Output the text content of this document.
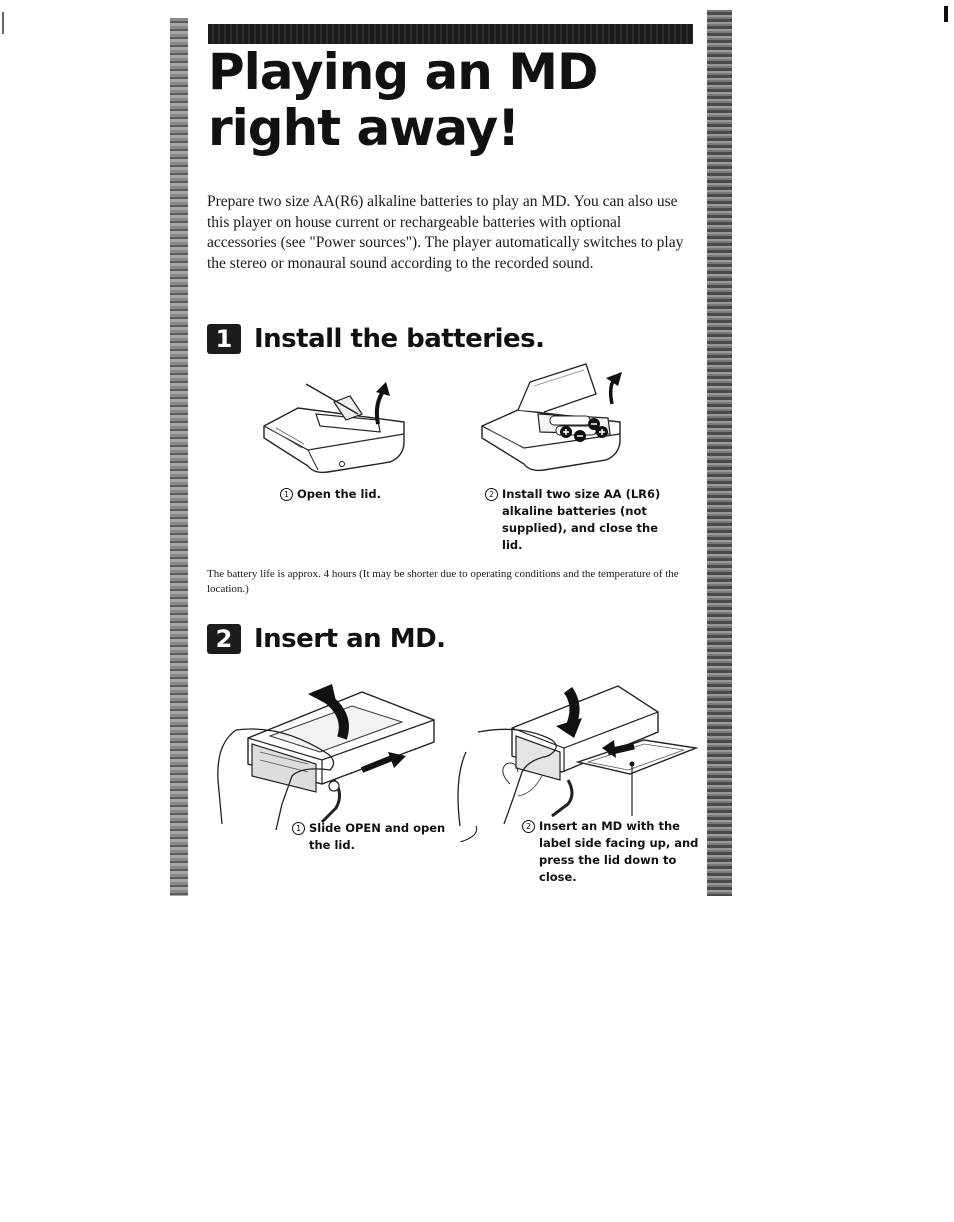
Playing an MD right away!

Prepare two size AA(R6) alkaline batteries to play an MD. You can also use this player on house current or rechargeable batteries with optional accessories (see "Power sources"). The player automatically switches to play the stereo or monaural sound according to the recorded sound.

1 Install the batteries.

1 Open the lid.	2 Install two size AA (LR6) alkaline batteries (not supplied), and close the lid.

The battery life is approx. 4 hours (It may be shorter due to operating conditions and the temperature of the location.)

2 Insert an MD.

1 Slide OPEN and open the lid.

2 Insert an MD with the label side facing up, and press the lid down to close.
